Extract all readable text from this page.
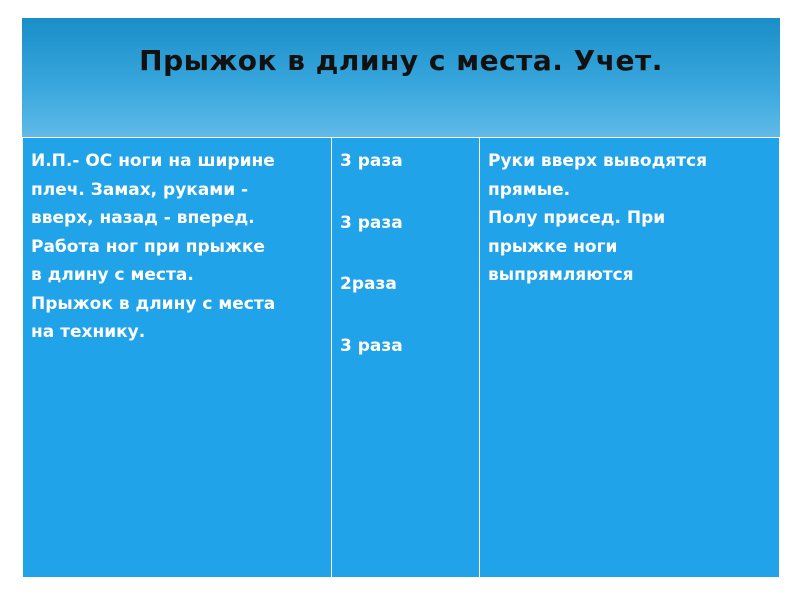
Прыжок в длину с места. Учет.
И.П.- ОС ноги на ширине
плеч. Замах, руками -
вверх, назад - вперед.
Работа ног при прыжке
в длину с места.
Прыжок в длину с места
на технику.
3 раза
3 раза
2раза
3 раза
Руки вверх выводятся
прямые.
Полу присед. При
прыжке ноги
выпрямляются
